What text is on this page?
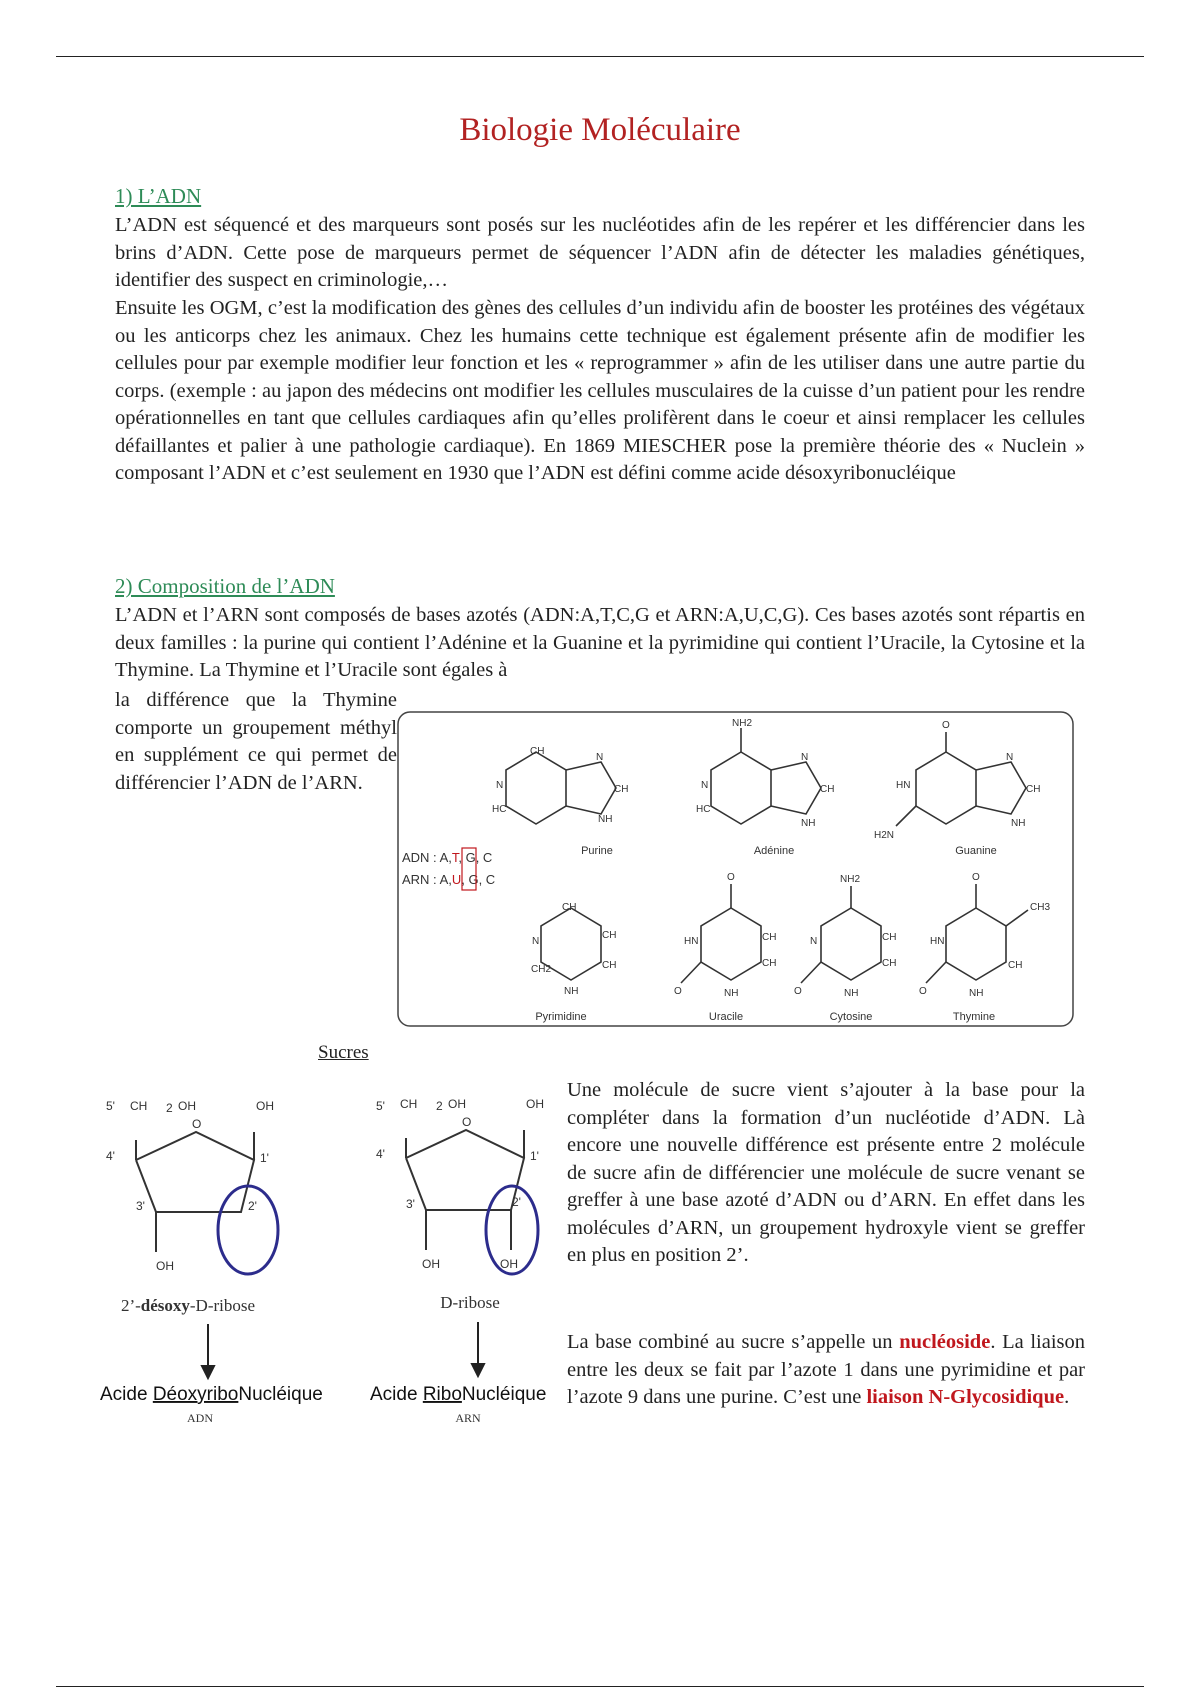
Biologie Moléculaire
1) L’ADN

L’ADN est séquencé et des marqueurs sont posés sur les nucléotides afin de les repérer et les différencier dans les brins d’ADN. Cette pose de marqueurs permet de séquencer l’ADN afin de détecter les maladies génétiques, identifier des suspect en criminologie,…

Ensuite les OGM, c’est la modification des gènes des cellules d’un individu afin de booster les protéines des végétaux ou les anticorps chez les animaux. Chez les humains cette technique est également présente afin de modifier les cellules pour par exemple modifier leur fonction et les « reprogrammer » afin de les utiliser dans une autre partie du corps. (exemple : au japon des médecins ont modifier les cellules musculaires de la cuisse d’un patient pour les rendre opérationnelles en tant que cellules cardiaques afin qu’elles prolifèrent dans le coeur et ainsi remplacer les cellules défaillantes et palier à une pathologie cardiaque). En 1869 MIESCHER pose la première théorie des « Nuclein » composant l’ADN et c’est seulement en 1930 que l’ADN est défini comme acide désoxyribonucléique

2) Composition de l’ADN

L’ADN et l’ARN sont composés de bases azotés (ADN:A,T,C,G et ARN:A,U,C,G). Ces bases azotés sont répartis en deux familles : la purine qui contient l’Adénine et la Guanine et la pyrimidine qui contient l’Uracile, la Cytosine et la Thymine. La Thymine et l’Uracile sont égales à

la différence que la Thymine comporte un groupement méthyl en supplément ce qui permet de différencier l’ADN de l’ARN.

ADN : A,T, G, C
ARN : A,U, G, C
CH
N
N
CH
NH
HC
NH2
N
HC
N
CH
NH
O
HN
N
CH
NH
H2N
CH
N
CH
CH
CH2
NH
O
HN	CH
CH
NH
O
NH2
N	CH
CH
NH
O
O
HN
CH3
CH
NH
O
Purine	Adénine	Guanine
Pyrimidine	Uracile	Cytosine	Thymine
Sucres
5' CH 2 OH	OH
O
4'	1'
3'	2'
OH
5' CH 2 OH	OH
O
4'	1'
3'	2'
OH	OH
2’-désoxy-D-ribose	D-ribose
Acide DéoxyriboNucléique Acide RiboNucléique
ADN	ARN

Une molécule de sucre vient s’ajouter à la base pour la compléter dans la formation d’un nucléotide d’ADN. Là encore une nouvelle différence est présente entre 2 molécule de sucre afin de différencier une molécule de sucre venant se greffer à une base azoté d’ADN ou d’ARN. En effet dans les molécules d’ARN, un groupement hydroxyle vient se greffer en plus en position 2’.

La base combiné au sucre s’appelle un nucléoside. La liaison entre les deux se fait par l’azote 1 dans une pyrimidine et par l’azote 9 dans une purine. C’est une liaison N-Glycosidique.
